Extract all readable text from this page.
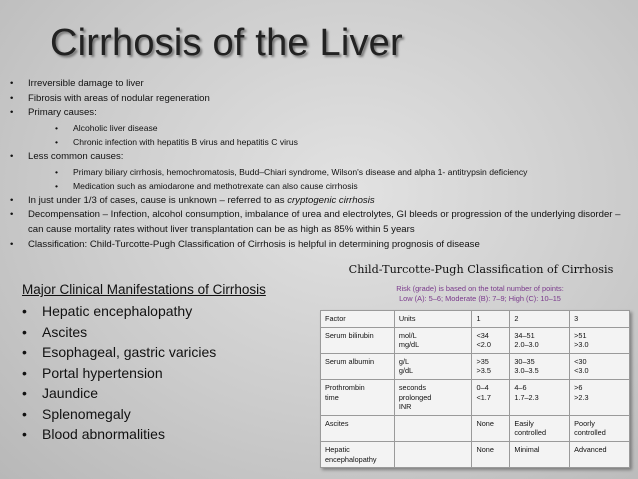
Cirrhosis of the Liver
• Irreversible damage to liver
• Fibrosis with areas of nodular regeneration
• Primary causes:
• Alcoholic liver disease
• Chronic infection with hepatitis B virus and hepatitis C virus
• Less common causes:
• Primary biliary cirrhosis, hemochromatosis, Budd–Chiari syndrome, Wilson's disease and alpha 1- antitrypsin deficiency
• Medication such as amiodarone and methotrexate can also cause cirrhosis
• In just under 1/3 of cases, cause is unknown – referred to as cryptogenic cirrhosis
• Decompensation – Infection, alcohol consumption, imbalance of urea and electrolytes, GI bleeds or progression of the underlying disorder – can cause mortality rates without liver transplantation can be as high as 85% within 5 years
• Classification: Child-Turcotte-Pugh Classification of Cirrhosis is helpful in determining prognosis of disease
Major Clinical Manifestations of Cirrhosis
• Hepatic encephalopathy
• Ascites
• Esophageal, gastric varicies
• Portal hypertension
• Jaundice
• Splenomegaly
• Blood abnormalities
Child-Turcotte-Pugh Classification of Cirrhosis
Risk (grade) is based on the total number of points:
Low (A): 5–6; Moderate (B): 7–9; High (C): 10–15
Factor	Units	1	2	3

Serum bilirubin	mol/L
mg/dL	<34
<2.0	34–51
2.0–3.0	>51
>3.0

Serum albumin	g/L
g/dL	>35
>3.5	30–35
3.0–3.5	<30
<3.0

Prothrombin
time	seconds
prolonged
INR	0–4
<1.7	4–6
1.7–2.3	>6
>2.3

Ascites		None	Easily
controlled	Poorly
controlled

Hepatic
encephalopathy		None	Minimal	Advanced
